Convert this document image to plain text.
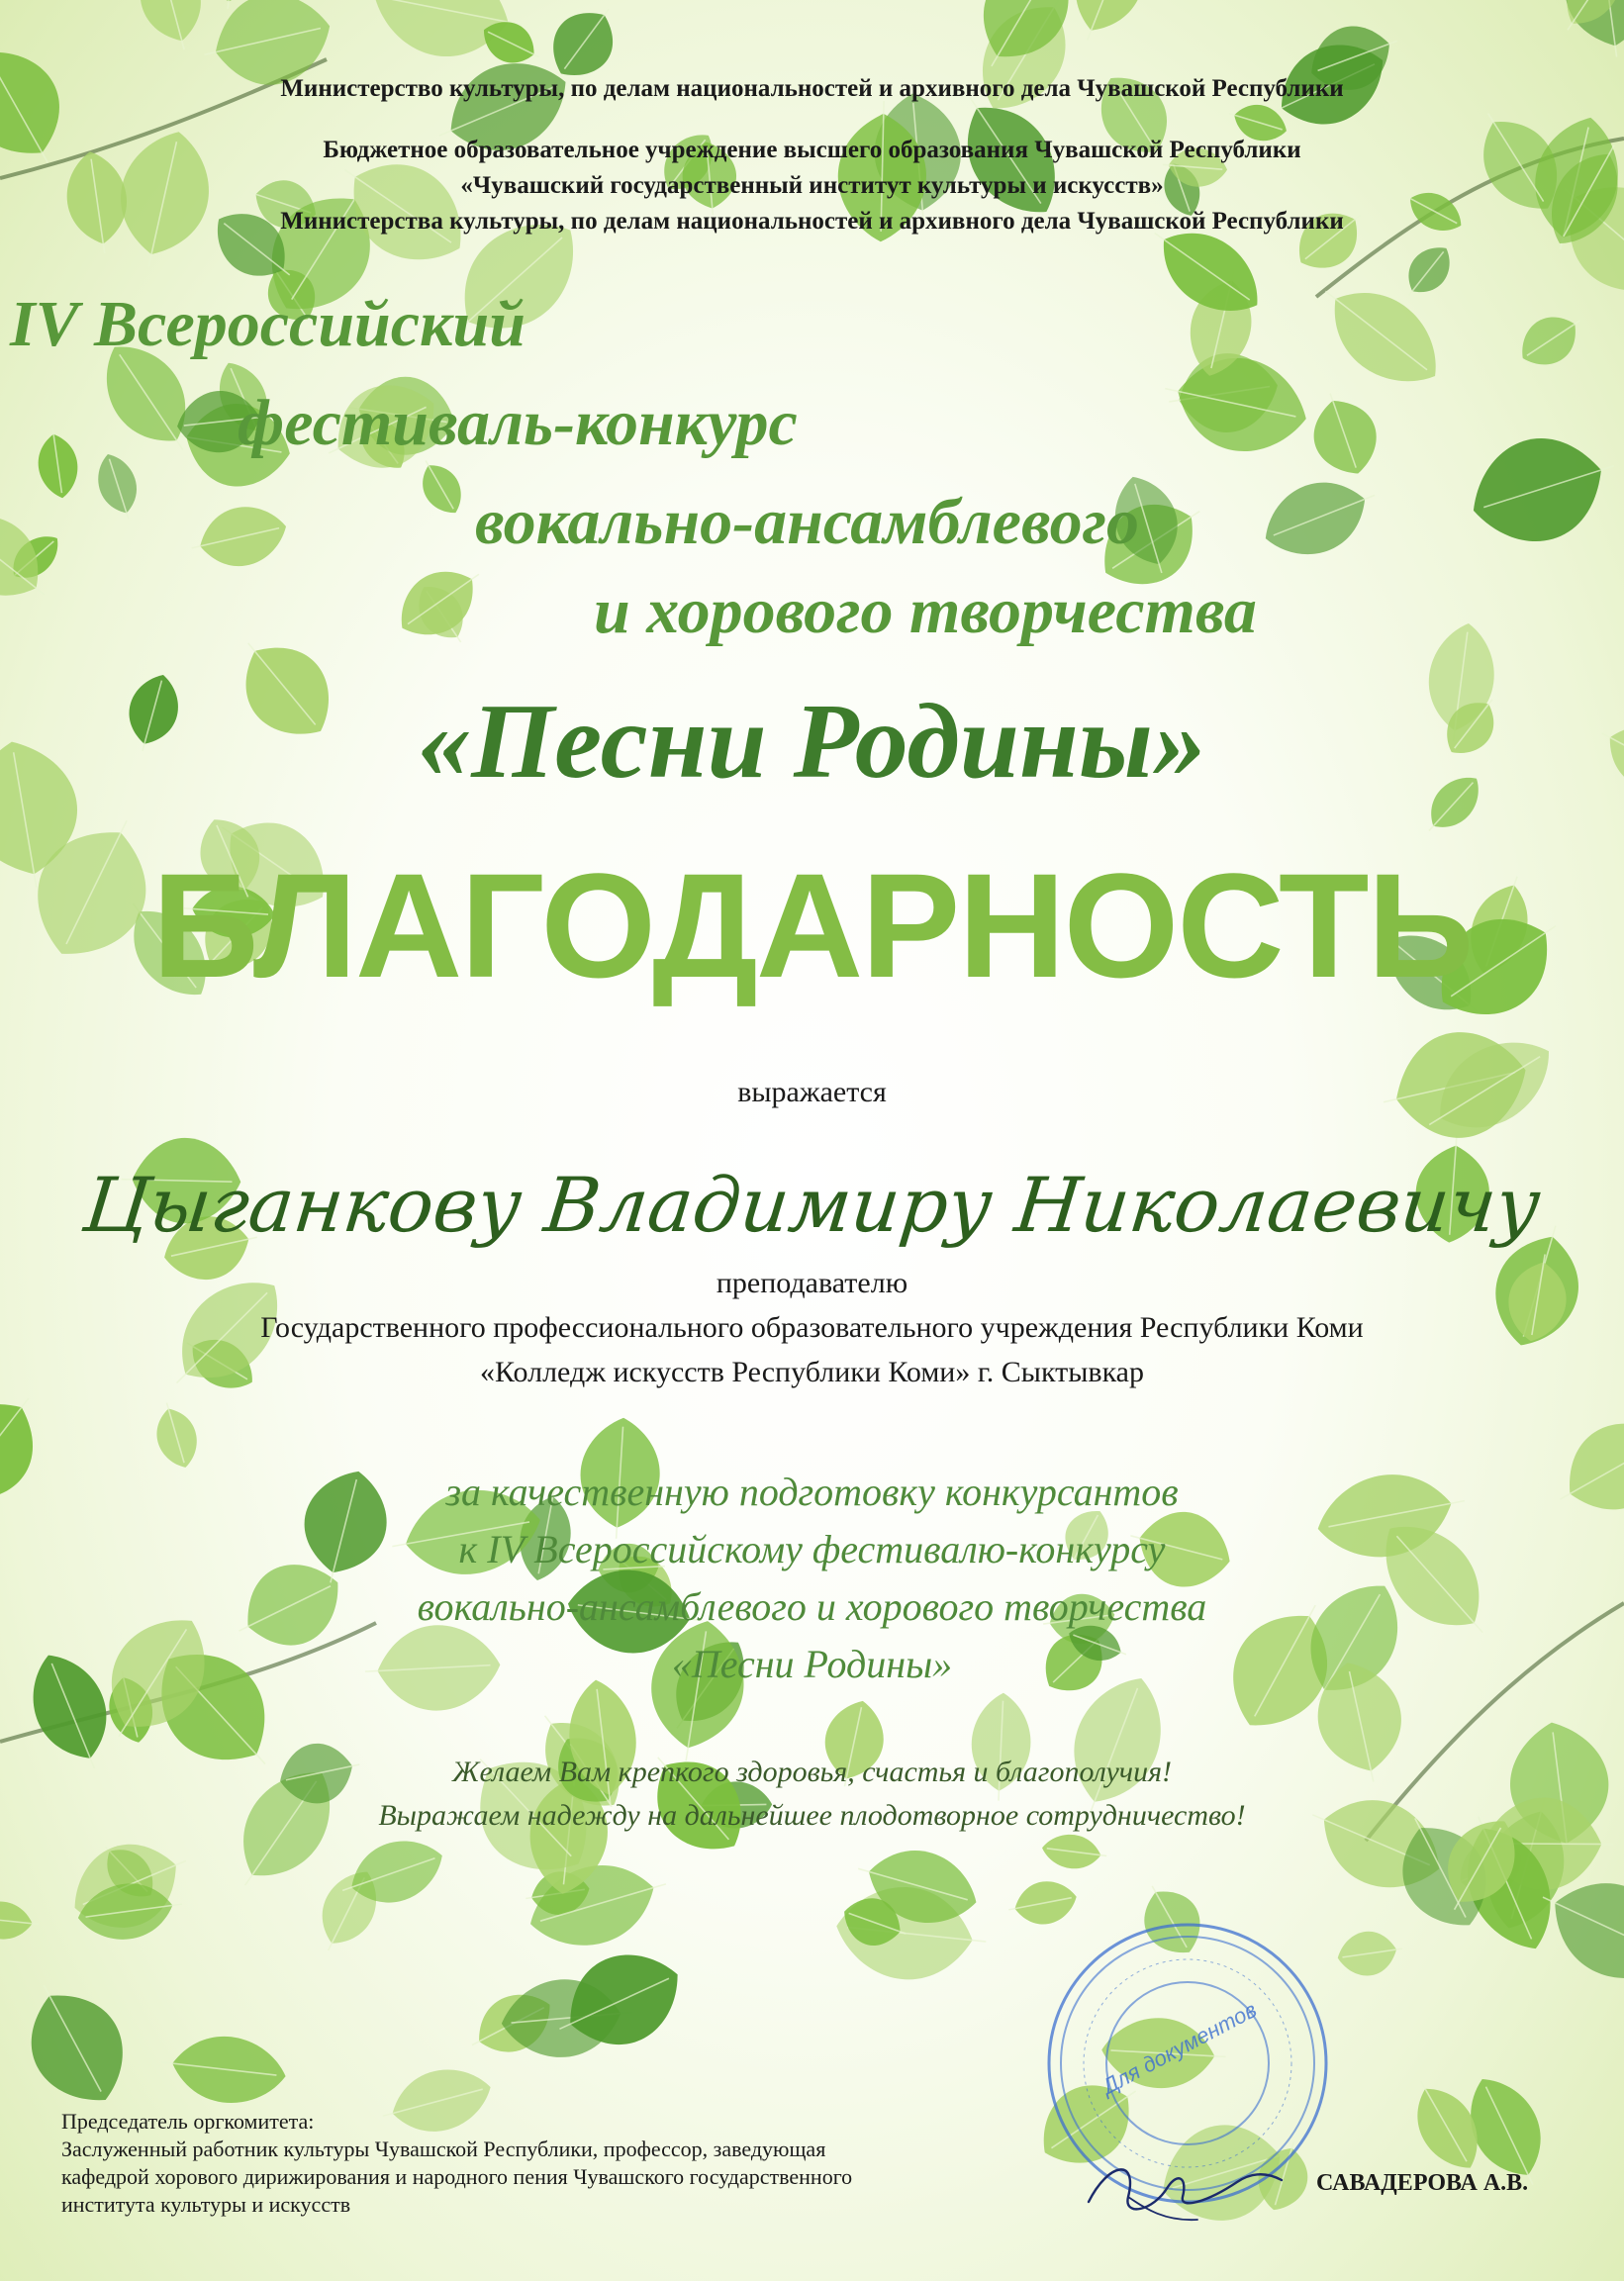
Министерство культуры, по делам национальностей и архивного дела Чувашской Республики
Бюджетное образовательное учреждение высшего образования Чувашской Республики
«Чувашский государственный институт культуры и искусств»
Министерства культуры, по делам национальностей и архивного дела Чувашской Республики
IV Всероссийский
фестиваль-конкурс
вокально-ансамблевого
и хорового творчества
«Песни Родины»
БЛАГОДАРНОСТЬ
выражается
Цыганкову Владимиру Николаевичу
преподавателю
Государственного профессионального образовательного учреждения Республики Коми
«Колледж искусств Республики Коми» г. Сыктывкар
за качественную подготовку конкурсантов
к IV Всероссийскому фестивалю-конкурсу
вокально-ансамблевого и хорового творчества
«Песни Родины»
Желаем Вам крепкого здоровья, счастья и благополучия!
Выражаем надежду на дальнейшее плодотворное сотрудничество!
Председатель оргкомитета:
Заслуженный работник культуры Чувашской Республики, профессор, заведующая
кафедрой хорового дирижирования и народного пения Чувашского государственного
института культуры и искусств
САВАДЕРОВА А.В.
Для документов
